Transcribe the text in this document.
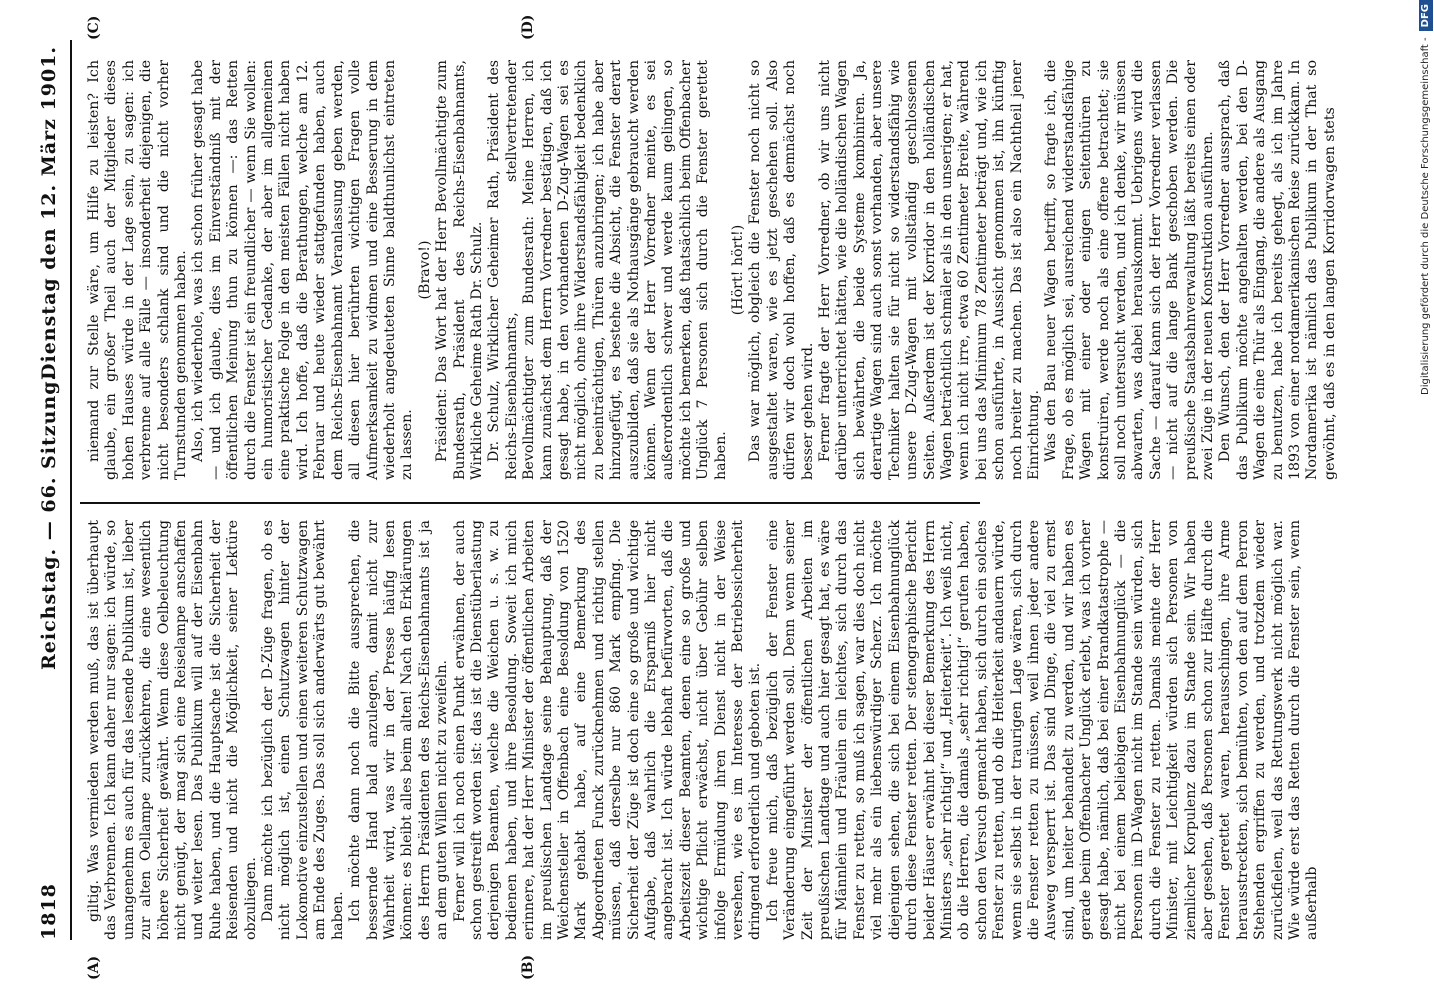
1818
Reichstag. — 66. Sitzung.
Dienstag den 12. März 1901.
(A)	(B)
(C)	(D)

giltig. Was vermieden werden muß, das ist überhaupt das Verbrennen. Ich kann daher nur sagen: ich würde, so unangenehm es auch für das lesende Publikum ist, lieber zur alten Oellampe zurückkehren, die eine wesentlich höhere Sicherheit gewährt. Wenn diese Oelbeleuchtung nicht genügt, der mag sich eine Reiselampe anschaffen und weiter lesen. Das Publikum will auf der Eisenbahn Ruhe haben, und die Hauptsache ist die Sicherheit der Reisenden und nicht die Möglichkeit, seiner Lektüre obzuliegen. Dann möchte ich bezüglich der D-Züge fragen, ob es nicht möglich ist, einen Schutzwagen hinter der Lokomotive einzustellen und einen weiteren Schutzwagen am Ende des Zuges. Das soll sich anderwärts gut bewährt haben. Ich möchte dann noch die Bitte aussprechen, die bessernde Hand bald anzulegen, damit nicht zur Wahrheit wird, was wir in der Presse häufig lesen können: es bleibt alles beim alten! Nach den Erklärungen des Herrn Präsidenten des Reichs-Eisenbahnamts ist ja an dem guten Willen nicht zu zweifeln. Ferner will ich noch einen Punkt erwähnen, der auch schon gestreift worden ist: das ist die Dienstüberlastung derjenigen Beamten, welche die Weichen u. s. w. zu bedienen haben, und ihre Besoldung. Soweit ich mich erinnere, hat der Herr Minister der öffentlichen Arbeiten im preußischen Landtage seine Behauptung, daß der Weichensteller in Offenbach eine Besoldung von 1520 Mark gehabt habe, auf eine Bemerkung des Abgeordneten Funck zurücknehmen und richtig stellen müssen, daß derselbe nur 860 Mark empfing. Die Sicherheit der Züge ist doch eine so große und wichtige Aufgabe, daß wahrlich die Ersparniß hier nicht angebracht ist. Ich würde lebhaft befürworten, daß die Arbeitszeit dieser Beamten, denen eine so große und wichtige Pflicht erwächst, nicht über Gebühr selben infolge Ermüdung ihren Dienst nicht in der Weise versehen, wie es im Interesse der Betriebssicherheit dringend erforderlich und geboten ist. Ich freue mich, daß bezüglich der Fenster eine Veränderung eingeführt werden soll. Denn wenn seiner Zeit der Minister der öffentlichen Arbeiten im preußischen Landtage und auch hier gesagt hat, es wäre für Männlein und Fräulein ein leichtes, sich durch das Fenster zu retten, so muß ich sagen, war dies doch nicht viel mehr als ein liebenswürdiger Scherz. Ich möchte diejenigen sehen, die sich bei einem Eisenbahnunglück durch diese Fenster retten. Der stenographische Bericht beider Häuser erwähnt bei dieser Bemerkung des Herrn Ministers „sehr richtig!“ und „Heiterkeit“. Ich weiß nicht, ob die Herren, die damals „sehr richtig!“ gerufen haben, schon den Versuch gemacht haben, sich durch ein solches Fenster zu retten, und ob die Heiterkeit andauern würde, wenn sie selbst in der traurigen Lage wären, sich durch die Fenster retten zu müssen, weil ihnen jeder andere Ausweg versperrt ist. Das sind Dinge, die viel zu ernst sind, um heiter behandelt zu werden, und wir haben es gerade beim Offenbacher Unglück erlebt, was ich vorher gesagt habe, nämlich, daß bei einer Brandkatastrophe — nicht bei einem beliebigen Eisenbahnunglück — die Personen im D-Wagen nicht im Stande sein würden, sich durch die Fenster zu retten. Damals meinte der Herr Minister, mit Leichtigkeit würden sich Personen von ziemlicher Korpulenz dazu im Stande sein. Wir haben aber gesehen, daß Personen schon zur Hälfte durch die Fenster gerettet waren, herausschingen, ihre Arme herausstreckten, sich bemühten, von den auf dem Perron Stehenden ergriffen zu werden, und trotzdem wieder zurückfielen, weil das Rettungswerk nicht möglich war. Wie würde erst das Retten durch die Fenster sein, wenn außerhalb

niemand zur Stelle wäre, um Hilfe zu leisten? Ich glaube, ein großer Theil auch der Mitglieder dieses hohen Hauses würde in der Lage sein, zu sagen: ich verbrenne auf alle Fälle — insonderheit diejenigen, die nicht besonders schlank sind und die nicht vorher Turnstunden genommen haben. Also, ich wiederhole, was ich schon früher gesagt habe — und ich glaube, dies im Einverständniß mit der öffentlichen Meinung thun zu können —: das Retten durch die Fenster ist ein freundlicher — wenn Sie wollen: ein humoristischer Gedanke, der aber im allgemeinen eine praktische Folge in den meisten Fällen nicht haben wird. Ich hoffe, daß die Berathungen, welche am 12. Februar und heute wieder stattgefunden haben, auch dem Reichs-Eisenbahnamt Veranlassung geben werden, all diesen hier berührten wichtigen Fragen volle Aufmerksamkeit zu widmen und eine Besserung in dem wiederholt angedeuteten Sinne baldthunlichst eintreten zu lassen.

(Bravo!) Präsident: Das Wort hat der Herr Bevollmächtigte zum Bundesrath, Präsident des Reichs-Eisenbahnamts, Wirkliche Geheime Rath Dr. Schulz. Dr. Schulz, Wirklicher Geheimer Rath, Präsident des Reichs-Eisenbahnamts, stellvertretender Bevollmächtigter zum Bundesrath: Meine Herren, ich kann zunächst dem Herrn Vorredner bestätigen, daß ich gesagt habe, in den vorhandenen D-Zug-Wagen sei es nicht möglich, ohne ihre Widerstandsfähigkeit bedenklich zu beeinträchtigen, Thüren anzubringen; ich habe aber hinzugefügt, es bestehe die Absicht, die Fenster derart auszubilden, daß sie als Nothausgänge gebraucht werden können. Wenn der Herr Vorredner meinte, es sei außerordentlich schwer und werde kaum gelingen, so möchte ich bemerken, daß thatsächlich beim Offenbacher Unglück 7 Personen sich durch die Fenster gerettet haben.

(Hört! hört!) Das war möglich, obgleich die Fenster noch nicht so ausgestaltet waren, wie es jetzt geschehen soll. Also dürfen wir doch wohl hoffen, daß es demnächst noch besser gehen wird. Ferner fragte der Herr Vorredner, ob wir uns nicht darüber unterrichtet hätten, wie die holländischen Wagen sich bewährten, die beide Systeme kombiniren. Ja, derartige Wagen sind auch sonst vorhanden, aber unsere Techniker halten sie für nicht so widerstandsfähig wie unsere D-Zug-Wagen mit vollständig geschlossenen Seiten. Außerdem ist der Korridor in den holländischen Wagen beträchtlich schmäler als in den unserigen; er hat, wenn ich nicht irre, etwa 60 Zentimeter Breite, während bei uns das Minimum 78 Zentimeter beträgt und, wie ich schon ausführte, in Aussicht genommen ist, ihn künftig noch breiter zu machen. Das ist also ein Nachtheil jener Einrichtung. Was den Bau neuer Wagen betrifft, so fragte ich, die Frage, ob es möglich sei, ausreichend widerstandsfähige Wagen mit einer oder einigen Seitenthüren zu konstruiren, werde noch als eine offene betrachtet; sie soll noch untersucht werden, und ich denke, wir müssen abwarten, was dabei herauskommt. Uebrigens wird die Sache — darauf kann sich der Herr Vorredner verlassen — nicht auf die lange Bank geschoben werden. Die preußische Staatsbahnverwaltung läßt bereits einen oder zwei Züge in der neuen Konstruktion ausführen. Den Wunsch, den der Herr Vorredner aussprach, daß das Publikum möchte angehalten werden, bei den D-Wagen die eine Thür als Eingang, die andere als Ausgang zu benutzen, habe ich bereits gehegt, als ich im Jahre 1893 von einer nordamerikanischen Reise zurückkam. In Nordamerika ist nämlich das Publikum in der That so gewöhnt, daß es in den langen Korridorwagen stets	Digitalisierung gefördert durch die Deutsche Forschungsgemeinschaft -DFG
